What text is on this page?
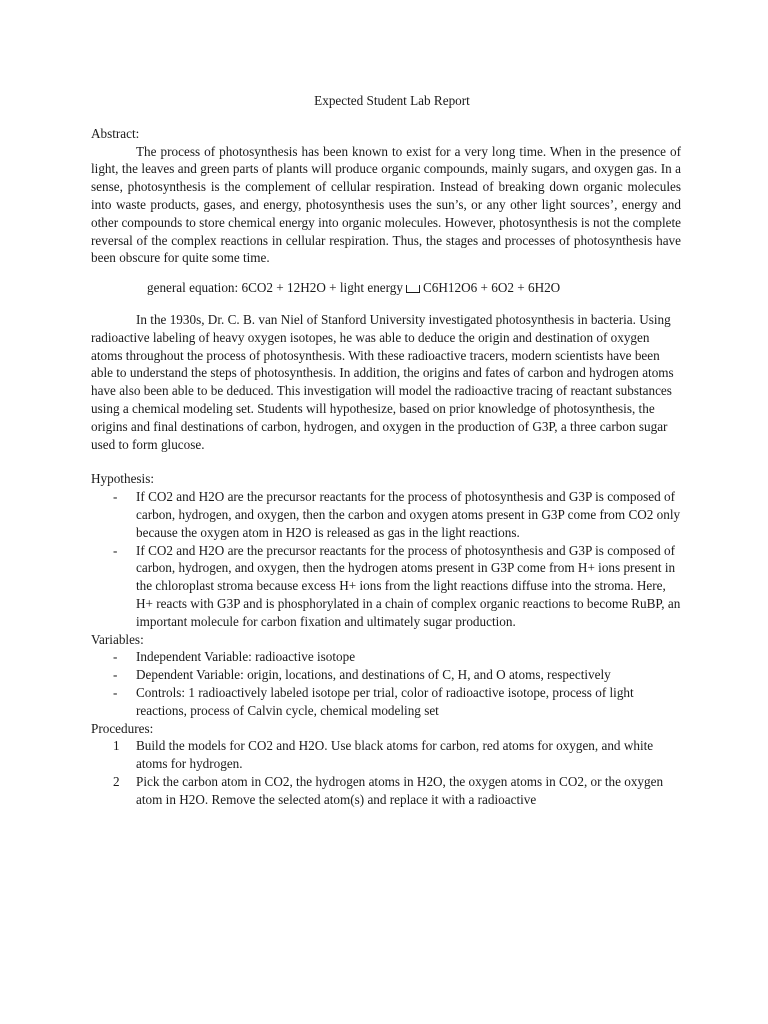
Expected Student Lab Report

Abstract:

The process of photosynthesis has been known to exist for a very long time. When in the presence of light, the leaves and green parts of plants will produce organic compounds, mainly sugars, and oxygen gas. In a sense, photosynthesis is the complement of cellular respiration. Instead of breaking down organic molecules into waste products, gases, and energy, photosynthesis uses the sun’s, or any other light sources’, energy and other compounds to store chemical energy into organic molecules. However, photosynthesis is not the complete reversal of the complex reactions in cellular respiration. Thus, the stages and processes of photosynthesis have been obscure for quite some time.

general equation: 6CO2 + 12H2O + light energy C6H12O6 + 6O2 + 6H2O

In the 1930s, Dr. C. B. van Niel of Stanford University investigated photosynthesis in bacteria. Using radioactive labeling of heavy oxygen isotopes, he was able to deduce the origin and destination of oxygen atoms throughout the process of photosynthesis. With these radioactive tracers, modern scientists have been able to understand the steps of photosynthesis. In addition, the origins and fates of carbon and hydrogen atoms have also been able to be deduced. This investigation will model the radioactive tracing of reactant substances using a chemical modeling set. Students will hypothesize, based on prior knowledge of photosynthesis, the origins and final destinations of carbon, hydrogen, and oxygen in the production of G3P, a three carbon sugar used to form glucose.

Hypothesis:

- If CO2 and H2O are the precursor reactants for the process of photosynthesis and G3P is composed of carbon, hydrogen, and oxygen, then the carbon and oxygen atoms present in G3P come from CO2 only because the oxygen atom in H2O is released as gas in the light reactions.
- If CO2 and H2O are the precursor reactants for the process of photosynthesis and G3P is composed of carbon, hydrogen, and oxygen, then the hydrogen atoms present in G3P come from H+ ions present in the chloroplast stroma because excess H+ ions from the light reactions diffuse into the stroma. Here, H+ reacts with G3P and is phosphorylated in a chain of complex organic reactions to become RuBP, an important molecule for carbon fixation and ultimately sugar production.

Variables:

- Independent Variable: radioactive isotope
- Dependent Variable: origin, locations, and destinations of C, H, and O atoms, respectively
- Controls: 1 radioactively labeled isotope per trial, color of radioactive isotope, process of light reactions, process of Calvin cycle, chemical modeling set

Procedures:

1 Build the models for CO2 and H2O. Use black atoms for carbon, red atoms for oxygen, and white atoms for hydrogen.
2 Pick the carbon atom in CO2, the hydrogen atoms in H2O, the oxygen atoms in CO2, or the oxygen atom in H2O. Remove the selected atom(s) and replace it with a radioactive
